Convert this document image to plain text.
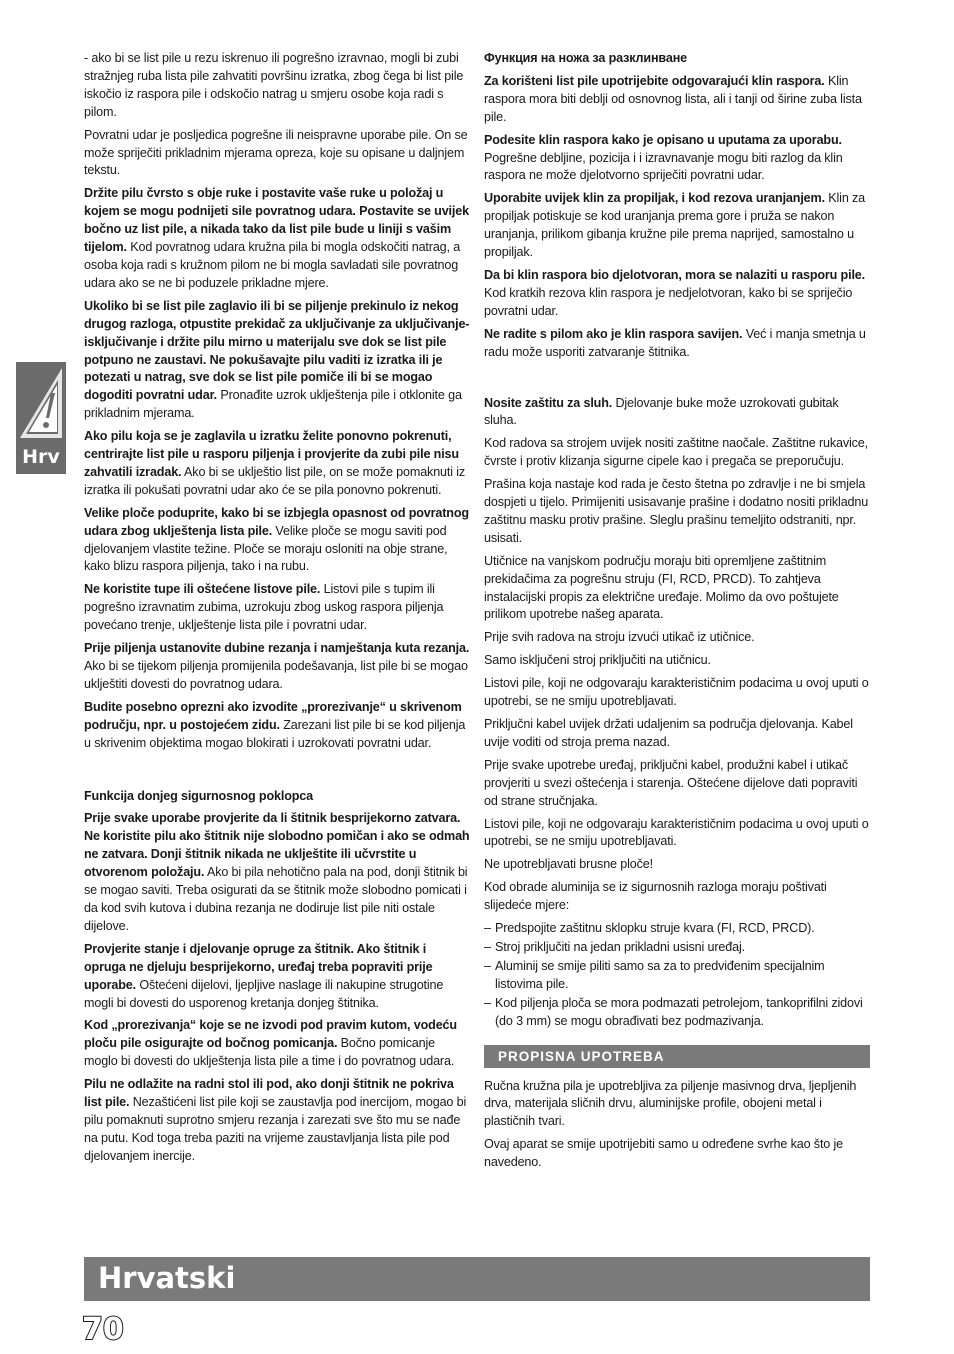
- ako bi se list pile u rezu iskrenuo ili pogrešno izravnao, mogli bi zubi stražnjeg ruba lista pile zahvatiti površinu izratka, zbog čega bi list pile iskočio iz raspora pile i odskočio natrag u smjeru osobe koja radi s pilom.

Povratni udar je posljedica pogrešne ili neispravne uporabe pile. On se može spriječiti prikladnim mjerama opreza, koje su opisane u daljnjem tekstu.

Držite pilu čvrsto s obje ruke i postavite vaše ruke u položaj u kojem se mogu podnijeti sile povratnog udara. Postavite se uvijek bočno uz list pile, a nikada tako da list pile bude u liniji s vašim tijelom. Kod povratnog udara kružna pila bi mogla odskočiti natrag, a osoba koja radi s kružnom pilom ne bi mogla savladati sile povratnog udara ako se ne bi poduzele prikladne mjere.

Ukoliko bi se list pile zaglavio ili bi se piljenje prekinulo iz nekog drugog razloga, otpustite prekidač za uključivanje za uključivanje-isključivanje i držite pilu mirno u materijalu sve dok se list pile potpuno ne zaustavi. Ne pokušavajte pilu vaditi iz izratka ili je potezati u natrag, sve dok se list pile pomiče ili bi se mogao dogoditi povratni udar. Pronađite uzrok uklještenja pile i otklonite ga prikladnim mjerama.

Ako pilu koja se je zaglavila u izratku želite ponovno pokrenuti, centrirajte list pile u rasporu piljenja i provjerite da zubi pile nisu zahvatili izradak. Ako bi se uklještio list pile, on se može pomaknuti iz izratka ili pokušati povratni udar ako će se pila ponovno pokrenuti.

Velike ploče poduprite, kako bi se izbjegla opasnost od povratnog udara zbog uklještenja lista pile. Velike ploče se mogu saviti pod djelovanjem vlastite težine. Ploče se moraju osloniti na obje strane, kako blizu raspora piljenja, tako i na rubu.

Ne koristite tupe ili oštećene listove pile. Listovi pile s tupim ili pogrešno izravnatim zubima, uzrokuju zbog uskog raspora piljenja povećano trenje, uklještenje lista pile i povratni udar.

Prije piljenja ustanovite dubine rezanja i namještanja kuta rezanja. Ako bi se tijekom piljenja promijenila podešavanja, list pile bi se mogao uklještiti dovesti do povratnog udara.

Budite posebno oprezni ako izvodite „prorezivanje“ u skrivenom području, npr. u postojećem zidu. Zarezani list pile bi se kod piljenja u skrivenim objektima mogao blokirati i uzrokovati povratni udar.

Funkcija donjeg sigurnosnog poklopca

Prije svake uporabe provjerite da li štitnik besprijekorno zatvara. Ne koristite pilu ako štitnik nije slobodno pomičan i ako se odmah ne zatvara. Donji štitnik nikada ne uklještite ili učvrstite u otvorenom položaju. Ako bi pila nehotično pala na pod, donji štitnik bi se mogao saviti. Treba osigurati da se štitnik može slobodno pomicati i da kod svih kutova i dubina rezanja ne dodiruje list pile niti ostale dijelove.

Provjerite stanje i djelovanje opruge za štitnik. Ako štitnik i opruga ne djeluju besprijekorno, uređaj treba popraviti prije uporabe. Oštećeni dijelovi, ljepljive naslage ili nakupine strugotine mogli bi dovesti do usporenog kretanja donjeg štitnika.

Kod „prorezivanja“ koje se ne izvodi pod pravim kutom, vodeću ploču pile osigurajte od bočnog pomicanja. Bočno pomicanje moglo bi dovesti do uklještenja lista pile a time i do povratnog udara.

Pilu ne odlažite na radni stol ili pod, ako donji štitnik ne pokriva list pile. Nezaštićeni list pile koji se zaustavlja pod inercijom, mogao bi pilu pomaknuti suprotno smjeru rezanja i zarezati sve što mu se nađe na putu. Kod toga treba paziti na vrijeme zaustavljanja lista pile pod djelovanjem inercije.

Функция на ножа за разклинване

Za korišteni list pile upotrijebite odgovarajući klin raspora. Klin raspora mora biti deblji od osnovnog lista, ali i tanji od širine zuba lista pile.

Podesite klin raspora kako je opisano u uputama za uporabu. Pogrešne debljine, pozicija i i izravnavanje mogu biti razlog da klin raspora ne može djelotvorno spriječiti povratni udar.

Uporabite uvijek klin za propiljak, i kod rezova uranjanjem. Klin za propiljak potiskuje se kod uranjanja prema gore i pruža se nakon uranjanja, prilikom gibanja kružne pile prema naprijed, samostalno u propiljak.

Da bi klin raspora bio djelotvoran, mora se nalaziti u rasporu pile. Kod kratkih rezova klin raspora je nedjelotvoran, kako bi se spriječio povratni udar.

Ne radite s pilom ako je klin raspora savijen. Već i manja smetnja u radu može usporiti zatvaranje štitnika.

Nosite zaštitu za sluh. Djelovanje buke može uzrokovati gubitak sluha.

Kod radova sa strojem uvijek nositi zaštitne naočale. Zaštitne rukavice, čvrste i protiv klizanja sigurne cipele kao i pregača se preporučuju.

Prašina koja nastaje kod rada je često štetna po zdravlje i ne bi smjela dospjeti u tijelo. Primijeniti usisavanje prašine i dodatno nositi prikladnu zaštitnu masku protiv prašine. Sleglu prašinu temeljito odstraniti, npr. usisati.

Utičnice na vanjskom području moraju biti opremljene zaštitnim prekidačima za pogrešnu struju (FI, RCD, PRCD). To zahtjeva instalacijski propis za električne uređaje. Molimo da ovo poštujete prilikom upotrebe našeg aparata.

Prije svih radova na stroju izvući utikač iz utičnice.

Samo isključeni stroj priključiti na utičnicu.

Listovi pile, koji ne odgovaraju karakterističnim podacima u ovoj uputi o upotrebi, se ne smiju upotrebljavati.

Priključni kabel uvijek držati udaljenim sa područja djelovanja. Kabel uvije voditi od stroja prema nazad.

Prije svake upotrebe uređaj, priključni kabel, produžni kabel i utikač provjeriti u svezi oštećenja i starenja. Oštećene dijelove dati popraviti od strane stručnjaka.

Listovi pile, koji ne odgovaraju karakterističnim podacima u ovoj uputi o upotrebi, se ne smiju upotrebljavati.

Ne upotrebljavati brusne ploče!

Kod obrade aluminija se iz sigurnosnih razloga moraju poštivati slijedeće mjere:

– Predspojite zaštitnu sklopku struje kvara (FI, RCD, PRCD).
– Stroj priključiti na jedan prikladni usisni uređaj.
– Aluminij se smije piliti samo sa za to predviđenim specijalnim listovima pile.
– Kod piljenja ploča se mora podmazati petrolejom, tankoprifilni zidovi (do 3 mm) se mogu obrađivati bez podmazivanja.
PROPISNA UPOTREBA

Ručna kružna pila je upotrebljiva za piljenje masivnog drva, ljepljenih drva, materijala sličnih drvu, aluminijske profile, obojeni metal i plastičnih tvari.

Ovaj aparat se smije upotrijebiti samo u određene svrhe kao što je navedeno.

Hrv
Hrvatski
70
